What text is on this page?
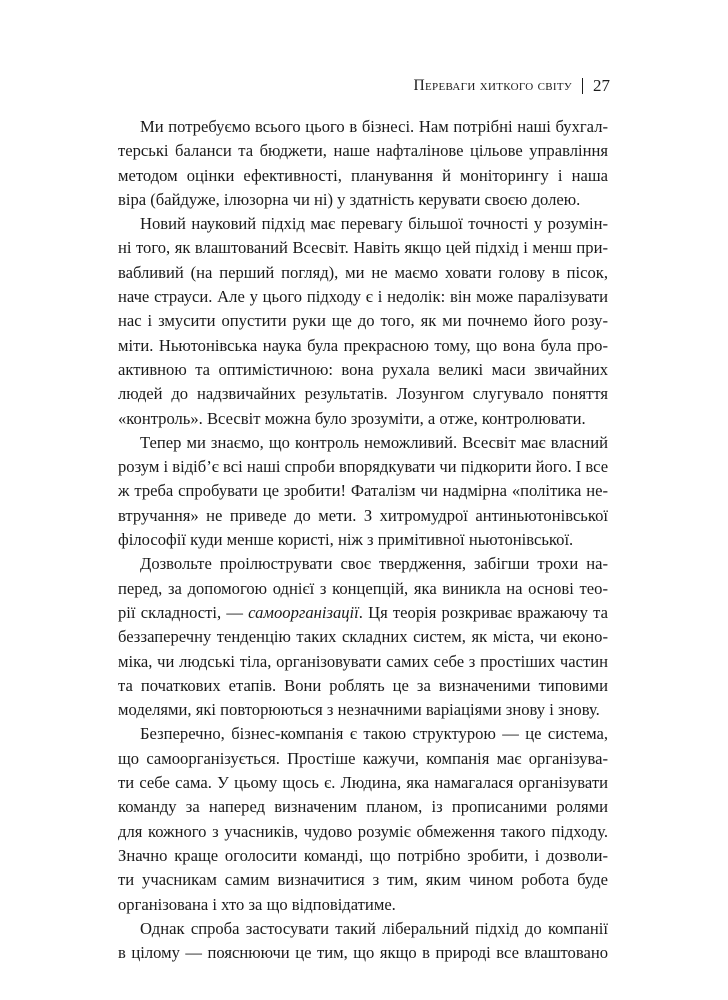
Переваги хиткого світу 27
Ми потребуємо всього цього в бізнесі. Нам потрібні наші бухгал-
терські баланси та бюджети, наше нафталінове цільове управління
методом оцінки ефективності, планування й моніторингу і наша
віра (байдуже, ілюзорна чи ні) у здатність керувати своєю долею.
Новий науковий підхід має перевагу більшої точності у розумін-
ні того, як влаштований Всесвіт. Навіть якщо цей підхід і менш при-
вабливий (на перший погляд), ми не маємо ховати голову в пісок,
наче страуси. Але у цього підходу є і недолік: він може паралізувати
нас і змусити опустити руки ще до того, як ми почнемо його розу-
міти. Ньютонівська наука була прекрасною тому, що вона була про-
активною та оптимістичною: вона рухала великі маси звичайних
людей до надзвичайних результатів. Лозунгом слугувало поняття
«контроль». Всесвіт можна було зрозуміти, а отже, контролювати.
Тепер ми знаємо, що контроль неможливий. Всесвіт має власний
розум і відіб’є всі наші спроби впорядкувати чи підкорити його. І все
ж треба спробувати це зробити! Фаталізм чи надмірна «політика не-
втручання» не приведе до мети. З хитромудрої антиньютонівської
філософії куди менше користі, ніж з примітивної ньютонівської.
Дозвольте проілюструвати своє твердження, забігши трохи на-
перед, за допомогою однієї з концепцій, яка виникла на основі тео-
рії складності, — самоорганізації. Ця теорія розкриває вражаючу та
беззаперечну тенденцію таких складних систем, як міста, чи еконо-
міка, чи людські тіла, організовувати самих себе з простіших частин
та початкових етапів. Вони роблять це за визначеними типовими
моделями, які повторюються з незначними варіаціями знову і знову.
Безперечно, бізнес-компанія є такою структурою — це система,
що самоорганізується. Простіше кажучи, компанія має організува-
ти себе сама. У цьому щось є. Людина, яка намагалася організувати
команду за наперед визначеним планом, із прописаними ролями
для кожного з учасників, чудово розуміє обмеження такого підходу.
Значно краще оголосити команді, що потрібно зробити, і дозволи-
ти учасникам самим визначитися з тим, яким чином робота буде
організована і хто за що відповідатиме.
Однак спроба застосувати такий ліберальний підхід до компанії
в цілому — пояснюючи це тим, що якщо в природі все влаштовано
